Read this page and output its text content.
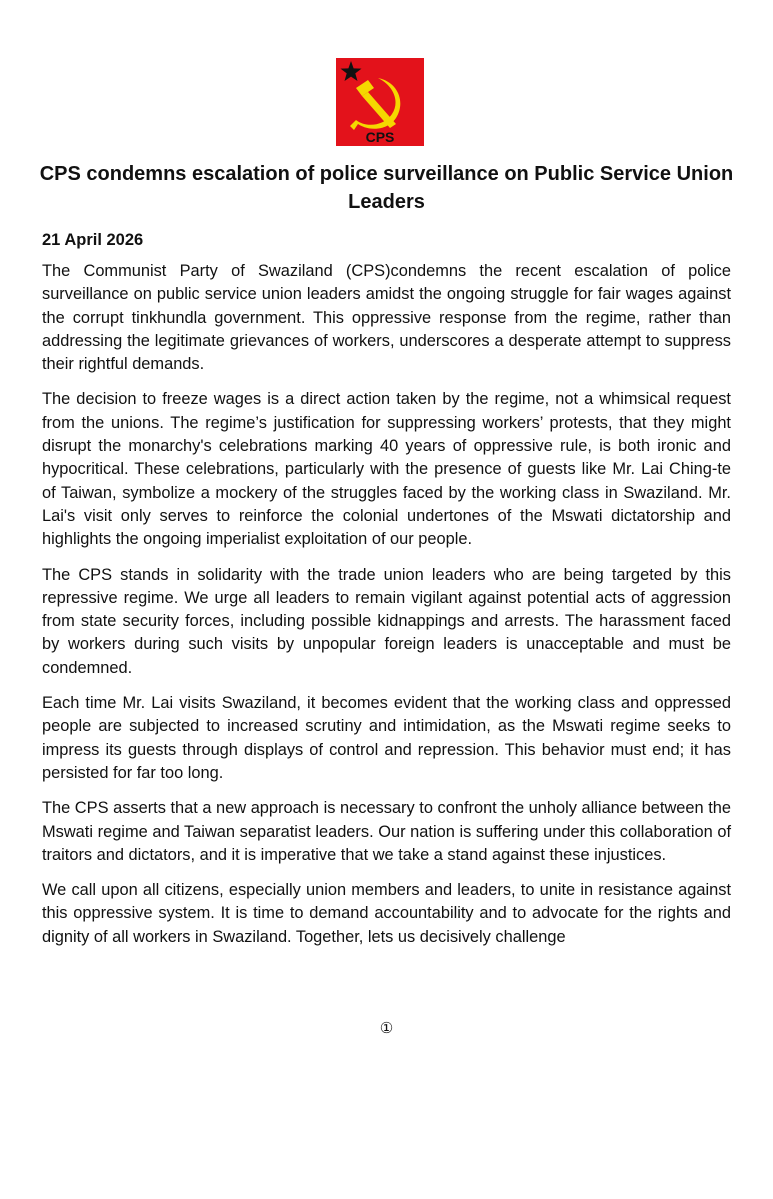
CPS
CPS condemns escalation of police surveillance on Public Service Union Leaders

21 April 2026

The Communist Party of Swaziland (CPS)condemns the recent escalation of police surveillance on public service union leaders amidst the ongoing struggle for fair wages against the corrupt tinkhundla government. This oppressive response from the regime, rather than addressing the legitimate grievances of workers, underscores a desperate attempt to suppress their rightful demands.

The decision to freeze wages is a direct action taken by the regime, not a whimsical request from the unions. The regime’s justification for suppressing workers’ protests, that they might disrupt the monarchy's celebrations marking 40 years of oppressive rule, is both ironic and hypocritical. These celebrations, particularly with the presence of guests like Mr. Lai Ching-te of Taiwan, symbolize a mockery of the struggles faced by the working class in Swaziland. Mr. Lai's visit only serves to reinforce the colonial undertones of the Mswati dictatorship and highlights the ongoing imperialist exploitation of our people.

The CPS stands in solidarity with the trade union leaders who are being targeted by this repressive regime. We urge all leaders to remain vigilant against potential acts of aggression from state security forces, including possible kidnappings and arrests. The harassment faced by workers during such visits by unpopular foreign leaders is unacceptable and must be condemned.

Each time Mr. Lai visits Swaziland, it becomes evident that the working class and oppressed people are subjected to increased scrutiny and intimidation, as the Mswati regime seeks to impress its guests through displays of control and repression. This behavior must end; it has persisted for far too long.

The CPS asserts that a new approach is necessary to confront the unholy alliance between the Mswati regime and Taiwan separatist leaders. Our nation is suffering under this collaboration of traitors and dictators, and it is imperative that we take a stand against these injustices.

We call upon all citizens, especially union members and leaders, to unite in resistance against this oppressive system. It is time to demand accountability and to advocate for the rights and dignity of all workers in Swaziland. Together, lets us decisively challenge

①
